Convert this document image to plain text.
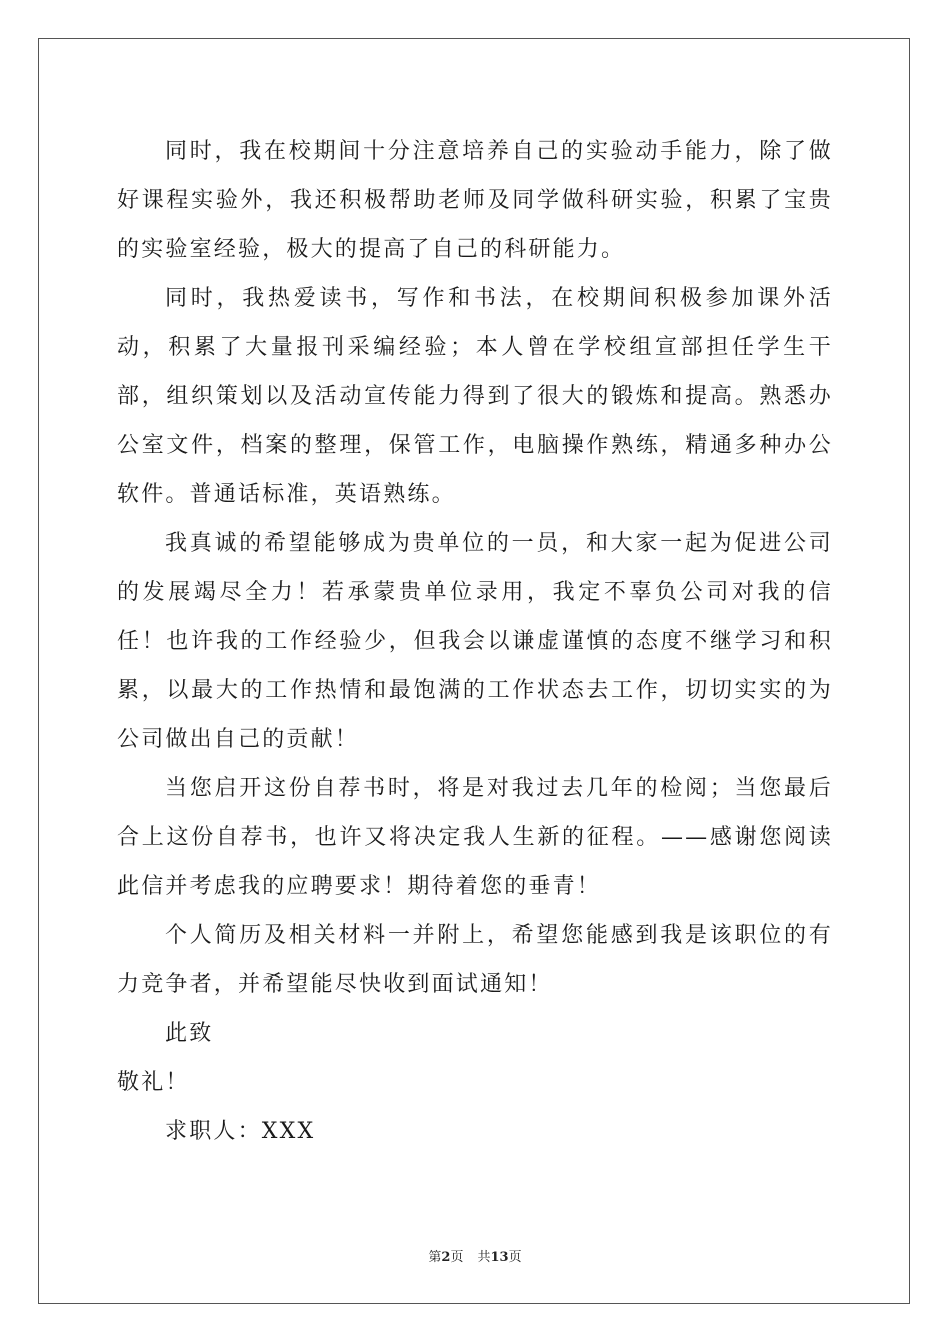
同时，我在校期间十分注意培养自己的实验动手能力，除了做好课程实验外，我还积极帮助老师及同学做科研实验，积累了宝贵的实验室经验，极大的提高了自己的科研能力。

同时，我热爱读书，写作和书法，在校期间积极参加课外活动，积累了大量报刊采编经验；本人曾在学校组宣部担任学生干部，组织策划以及活动宣传能力得到了很大的锻炼和提高。熟悉办公室文件，档案的整理，保管工作，电脑操作熟练，精通多种办公软件。普通话标准，英语熟练。

我真诚的希望能够成为贵单位的一员，和大家一起为促进公司的发展竭尽全力！若承蒙贵单位录用，我定不辜负公司对我的信任！也许我的工作经验少，但我会以谦虚谨慎的态度不继学习和积累，以最大的工作热情和最饱满的工作状态去工作，切切实实的为公司做出自己的贡献！

当您启开这份自荐书时，将是对我过去几年的检阅；当您最后合上这份自荐书，也许又将决定我人生新的征程。——感谢您阅读此信并考虑我的应聘要求！期待着您的垂青！

个人简历及相关材料一并附上，希望您能感到我是该职位的有力竞争者，并希望能尽快收到面试通知！

此致

敬礼！

求职人：XXX

第2页 共13页
